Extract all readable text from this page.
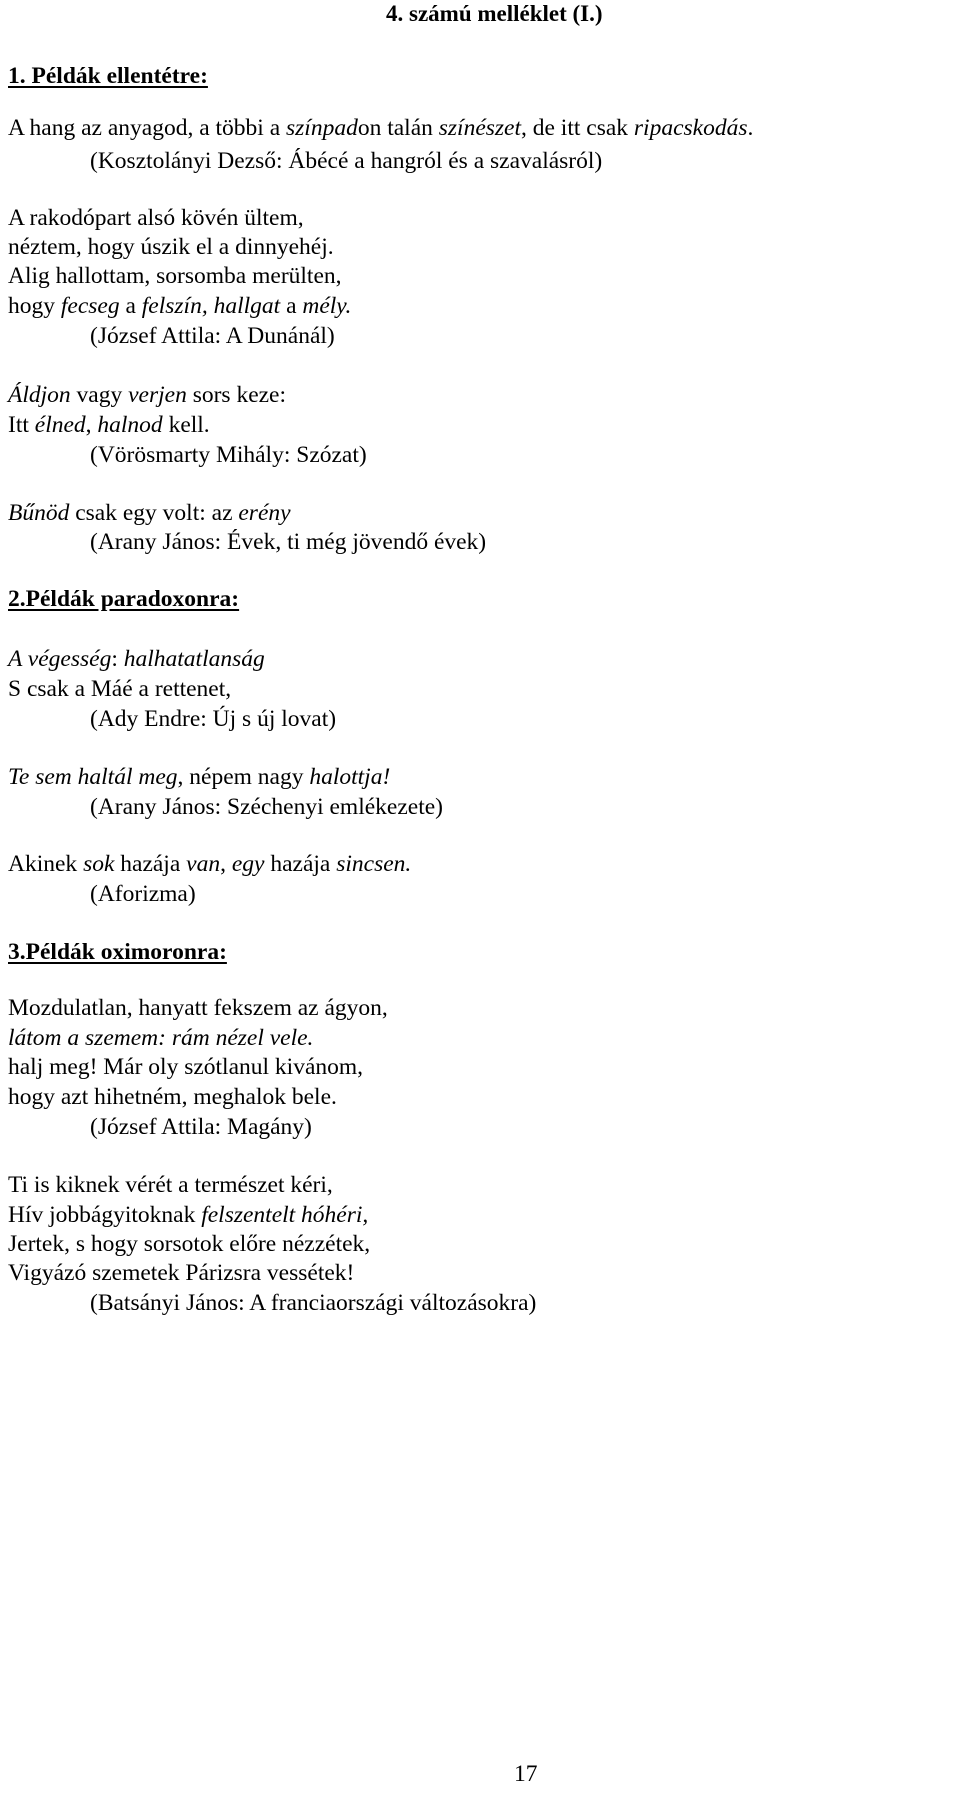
4. számú melléklet (I.)
1. Példák ellentétre:
A hang az anyagod, a többi a színpadon talán színészet, de itt csak ripacskodás.
(Kosztolányi Dezső: Ábécé a hangról és a szavalásról)
A rakodópart alsó kövén ültem,
néztem, hogy úszik el a dinnyehéj.
Alig hallottam, sorsomba merülten,
hogy fecseg a felszín, hallgat a mély.
(József Attila: A Dunánál)
Áldjon vagy verjen sors keze:
Itt élned, halnod kell.
(Vörösmarty Mihály: Szózat)
Bűnöd csak egy volt: az erény
(Arany János: Évek, ti még jövendő évek)
2.Példák paradoxonra:
A végesség: halhatatlanság
S csak a Máé a rettenet,
(Ady Endre: Új s új lovat)
Te sem haltál meg, népem nagy halottja!
(Arany János: Széchenyi emlékezete)
Akinek sok hazája van, egy hazája sincsen.
(Aforizma)
3.Példák oximoronra:
Mozdulatlan, hanyatt fekszem az ágyon,
látom a szemem: rám nézel vele.
halj meg! Már oly szótlanul kivánom,
hogy azt hihetném, meghalok bele.
(József Attila: Magány)
Ti is kiknek vérét a természet kéri,
Hív jobbágyitoknak felszentelt hóhéri,
Jertek, s hogy sorsotok előre nézzétek,
Vigyázó szemetek Párizsra vessétek!
(Batsányi János: A franciaországi változásokra)
17
